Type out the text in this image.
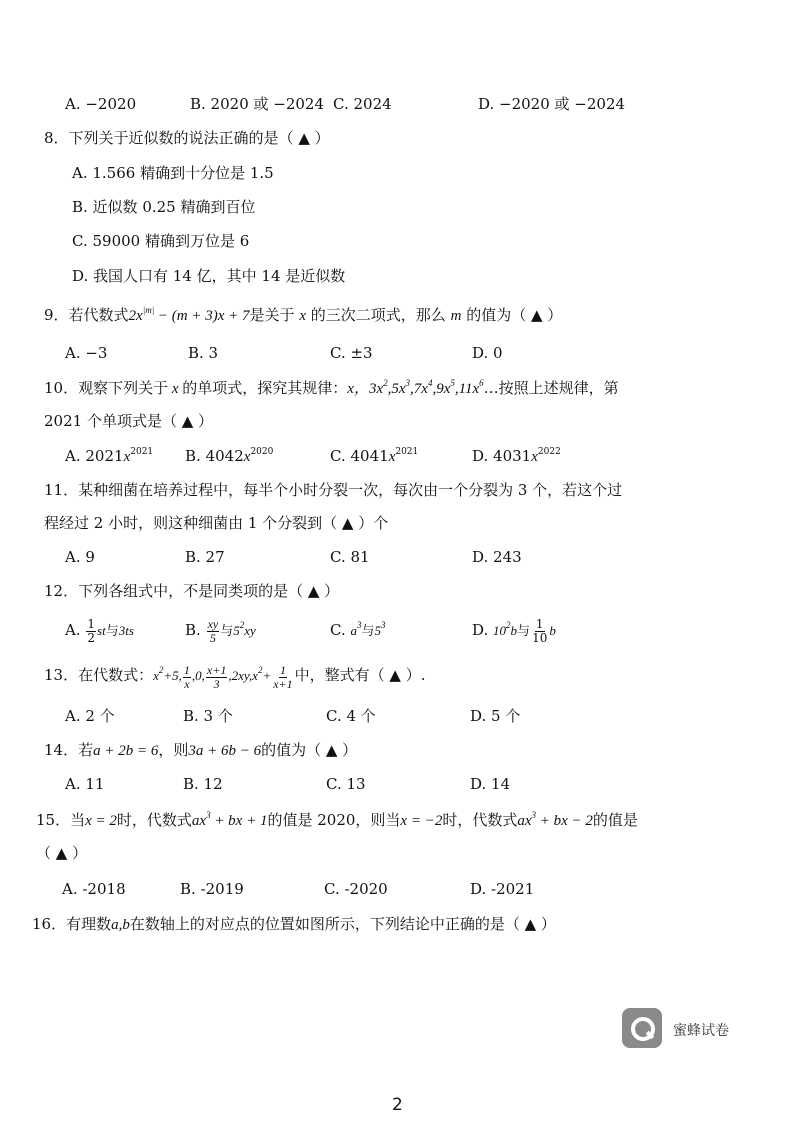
A. −2020	B. 2020 或 −2024 C. 2024	D. −2020 或 −2024
8．下列关于近似数的说法正确的是（ ▲ ）
A. 1.566 精确到十分位是 1.5
B. 近似数 0.25 精确到百位
C. 59000 精确到万位是 6
D. 我国人口有 14 亿，其中 14 是近似数
9．若代数式$2x^{|m|} - (m + 3)x + 7$是关于 x 的三次二项式，那么 m 的值为（ ▲ ）
A. −3	B. 3	C. ±3	D. 0
10．观察下列关于 x 的单项式，探究其规律：x，$3x^2,5x^3,7x^4,9x^5,11x^6\dots$按照上述规律，第
2021 个单项式是（ ▲ ）
A. $2021x^{2021}$ B. $4042x^{2020}$	C. $4041x^{2021}$	D. $4031x^{2022}$
11．某种细菌在培养过程中，每半个小时分裂一次，每次由一个分裂为 3 个，若这个过
程经过 2 小时，则这种细菌由 1 个分裂到（ ▲ ）个
A. 9	B. 27	C. 81	D. 243
12．下列各组式中，不是同类项的是（ ▲ ）
A. $\frac{1}{2}$ st与3ts	B. $\frac{xy}{5}$ 与$5^2xy$	C. $a^3$与$5^3$	D. $10^2b$与 $\frac{1}{10}$ b
13．在代数式：$x^2+5$, $\frac{1}{x} ,0$, $\frac{x+1}{3} ,2xy,x^2+ \frac{1}{x+1}$ 中，整式有（ ▲ ）.
A. 2 个	B. 3 个	C. 4 个	D. 5 个
14．若a + 2b = 6，则3a + 6b − 6的值为（ ▲ ）
A. 11	B. 12	C. 13	D. 14
15．当x = 2时，代数式$ax^3$ + bx + 1的值是 2020，则当x = −2时，代数式$ax^3$ + bx − 2的值是
（ ▲ ）
A. -2018	B. -2019	C. -2020	D. -2021
16．有理数a,b在数轴上的对应点的位置如图所示，下列结论中正确的是（ ▲ ）
蜜蜂试卷
2
